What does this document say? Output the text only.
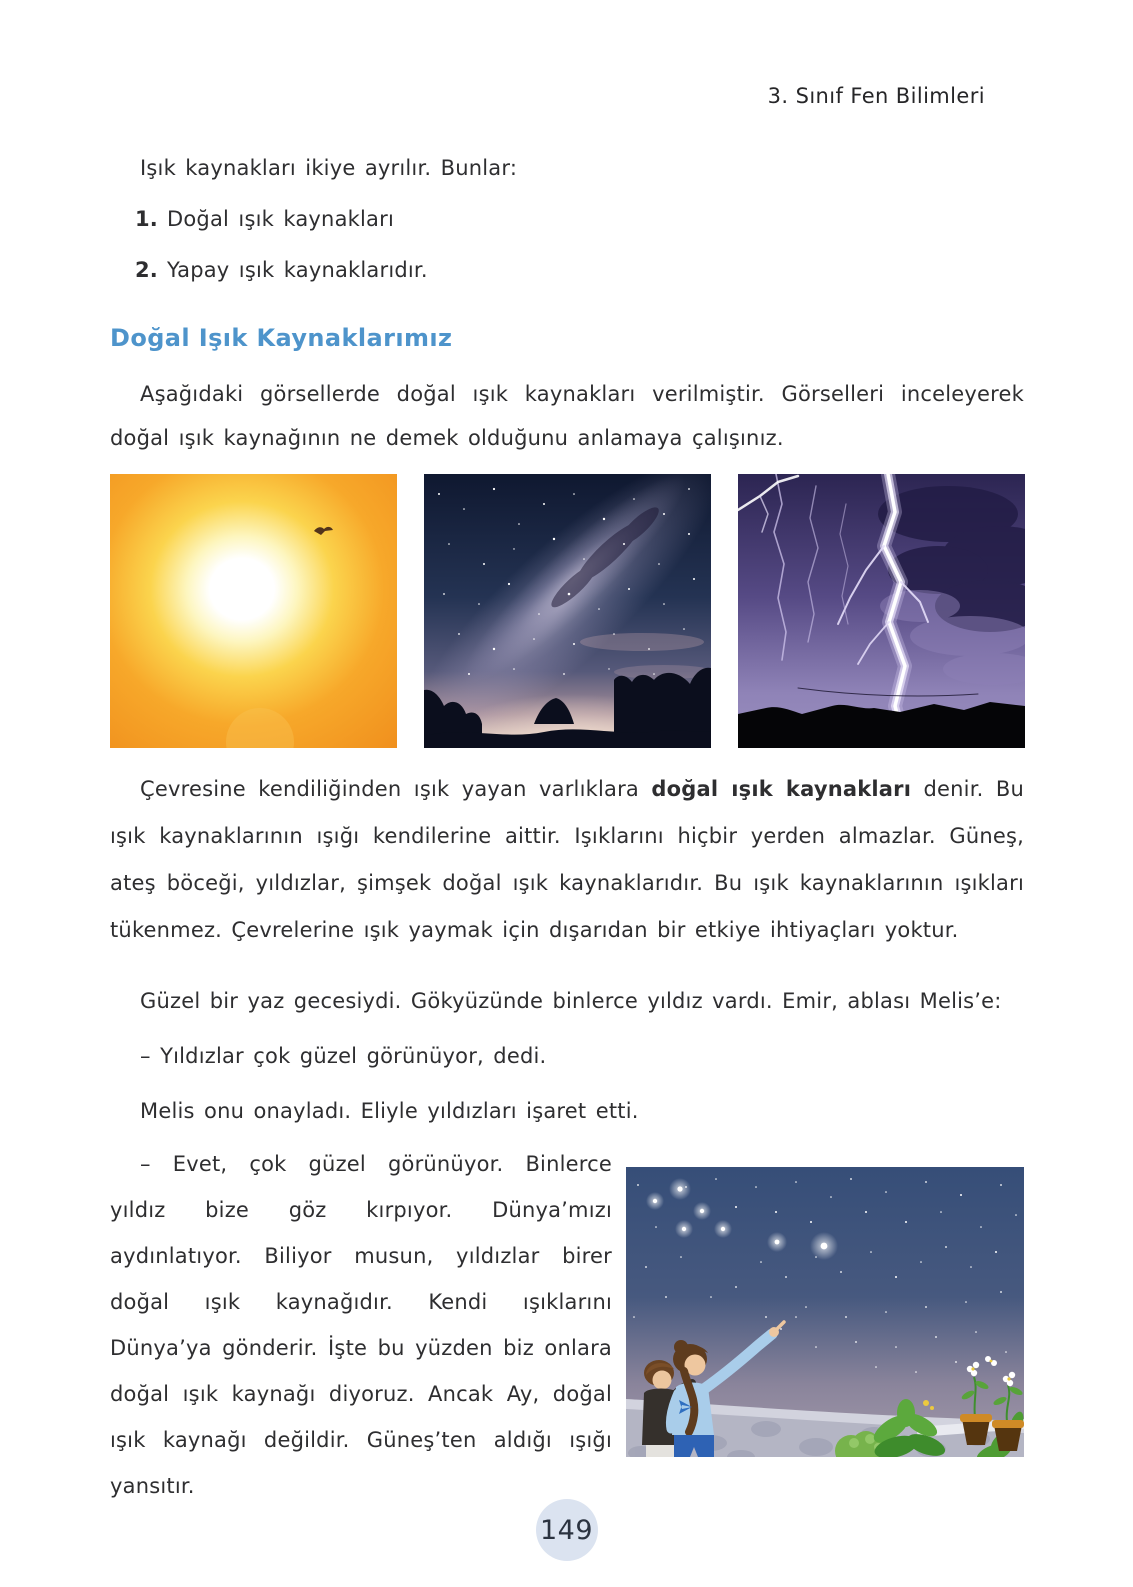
3. Sınıf Fen Bilimleri

Işık kaynakları ikiye ayrılır. Bunlar:

1. Doğal ışık kaynakları
2. Yapay ışık kaynaklarıdır.
Doğal Işık Kaynaklarımız

Aşağıdaki görsellerde doğal ışık kaynakları verilmiştir. Görselleri inceleyerek doğal ışık kaynağının ne demek olduğunu anlamaya çalışınız.

Çevresine kendiliğinden ışık yayan varlıklara doğal ışık kaynakları denir. Bu ışık kaynaklarının ışığı kendilerine aittir. Işıklarını hiçbir yerden almazlar. Güneş, ateş böceği, yıldızlar, şimşek doğal ışık kaynaklarıdır. Bu ışık kaynaklarının ışıkları tükenmez. Çevrelerine ışık yaymak için dışarıdan bir etkiye ihtiyaçları yoktur.

Güzel bir yaz gecesiydi. Gökyüzünde binlerce yıldız vardı. Emir, ablası Melis’e:

– Yıldızlar çok güzel görünüyor, dedi.

Melis onu onayladı. Eliyle yıldızları işaret etti.

– Evet, çok güzel görünüyor. Binlerce yıldız bize göz kırpıyor. Dünya’mızı aydınlatıyor. Biliyor musun, yıldızlar birer doğal ışık kaynağıdır. Kendi ışıklarını Dünya’ya gönderir. İşte bu yüzden biz onlara doğal ışık kaynağı diyoruz. Ancak Ay, doğal ışık kaynağı değildir. Güneş’ten aldığı ışığı yansıtır.

149
